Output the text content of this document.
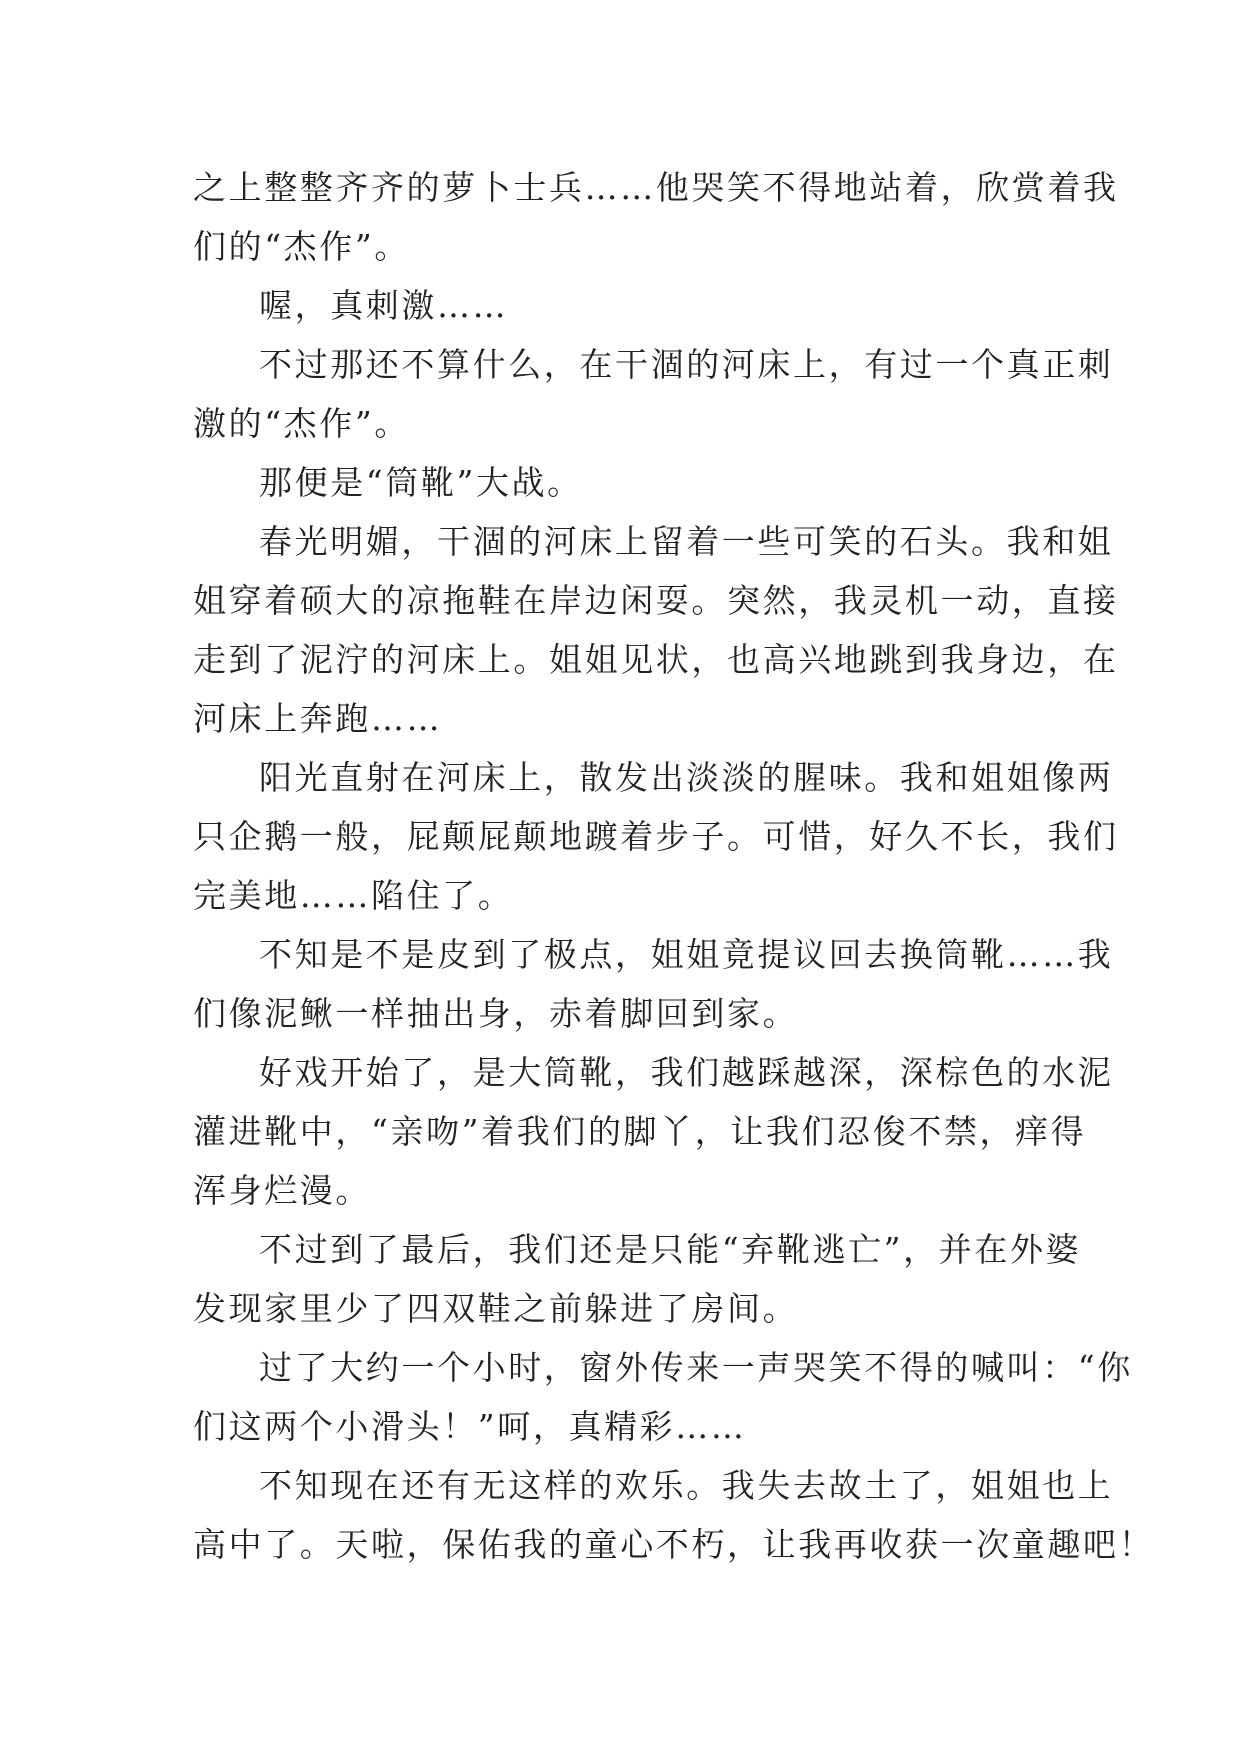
之上整整齐齐的萝卜士兵……他哭笑不得地站着，欣赏着我
们的“杰作”。

喔，真刺激……

不过那还不算什么，在干涸的河床上，有过一个真正刺
激的“杰作”。

那便是“筒靴”大战。

春光明媚，干涸的河床上留着一些可笑的石头。我和姐
姐穿着硕大的凉拖鞋在岸边闲耍。突然，我灵机一动，直接
走到了泥泞的河床上。姐姐见状，也高兴地跳到我身边，在
河床上奔跑……

阳光直射在河床上，散发出淡淡的腥味。我和姐姐像两
只企鹅一般，屁颠屁颠地踱着步子。可惜，好久不长，我们
完美地……陷住了。

不知是不是皮到了极点，姐姐竟提议回去换筒靴……我
们像泥鳅一样抽出身，赤着脚回到家。

好戏开始了，是大筒靴，我们越踩越深，深棕色的水泥
灌进靴中，“亲吻”着我们的脚丫，让我们忍俊不禁，痒得
浑身烂漫。

不过到了最后，我们还是只能“弃靴逃亡”，并在外婆
发现家里少了四双鞋之前躲进了房间。

过了大约一个小时，窗外传来一声哭笑不得的喊叫：“你
们这两个小滑头！”呵，真精彩……

不知现在还有无这样的欢乐。我失去故土了，姐姐也上
高中了。天啦，保佑我的童心不朽，让我再收获一次童趣吧！
